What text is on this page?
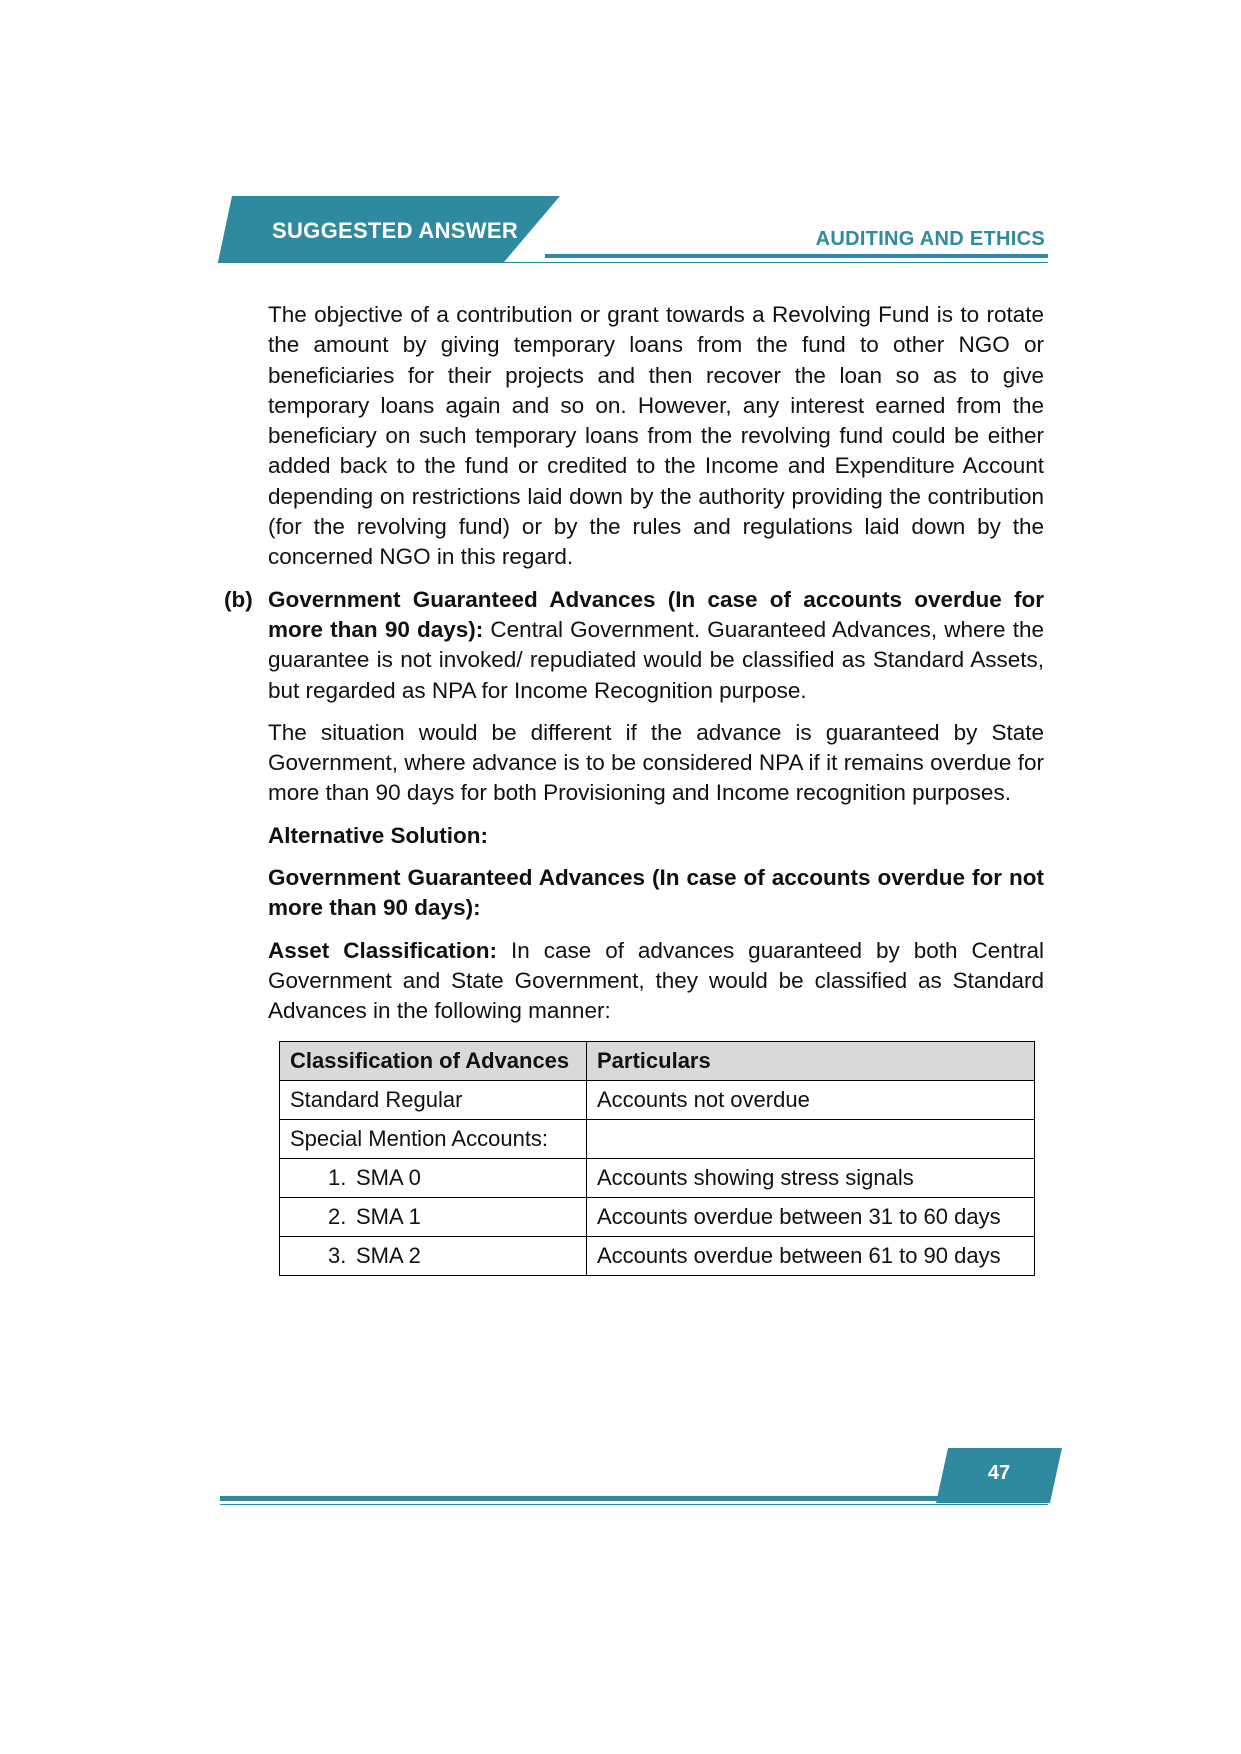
SUGGESTED ANSWER	AUDITING AND ETHICS

The objective of a contribution or grant towards a Revolving Fund is to rotate the amount by giving temporary loans from the fund to other NGO or beneficiaries for their projects and then recover the loan so as to give temporary loans again and so on. However, any interest earned from the beneficiary on such temporary loans from the revolving fund could be either added back to the fund or credited to the Income and Expenditure Account depending on restrictions laid down by the authority providing the contribution (for the revolving fund) or by the rules and regulations laid down by the concerned NGO in this regard.

(b) Government Guaranteed Advances (In case of accounts overdue for more than 90 days): Central Government. Guaranteed Advances, where the guarantee is not invoked/ repudiated would be classified as Standard Assets, but regarded as NPA for Income Recognition purpose.

The situation would be different if the advance is guaranteed by State Government, where advance is to be considered NPA if it remains overdue for more than 90 days for both Provisioning and Income recognition purposes.

Alternative Solution:

Government Guaranteed Advances (In case of accounts overdue for not more than 90 days):

Asset Classification: In case of advances guaranteed by both Central Government and State Government, they would be classified as Standard Advances in the following manner:

Classification of Advances	Particulars
Standard Regular	Accounts not overdue
Special Mention Accounts:	
1. SMA 0	Accounts showing stress signals
2. SMA 1	Accounts overdue between 31 to 60 days
3. SMA 2	Accounts overdue between 61 to 90 days
47
